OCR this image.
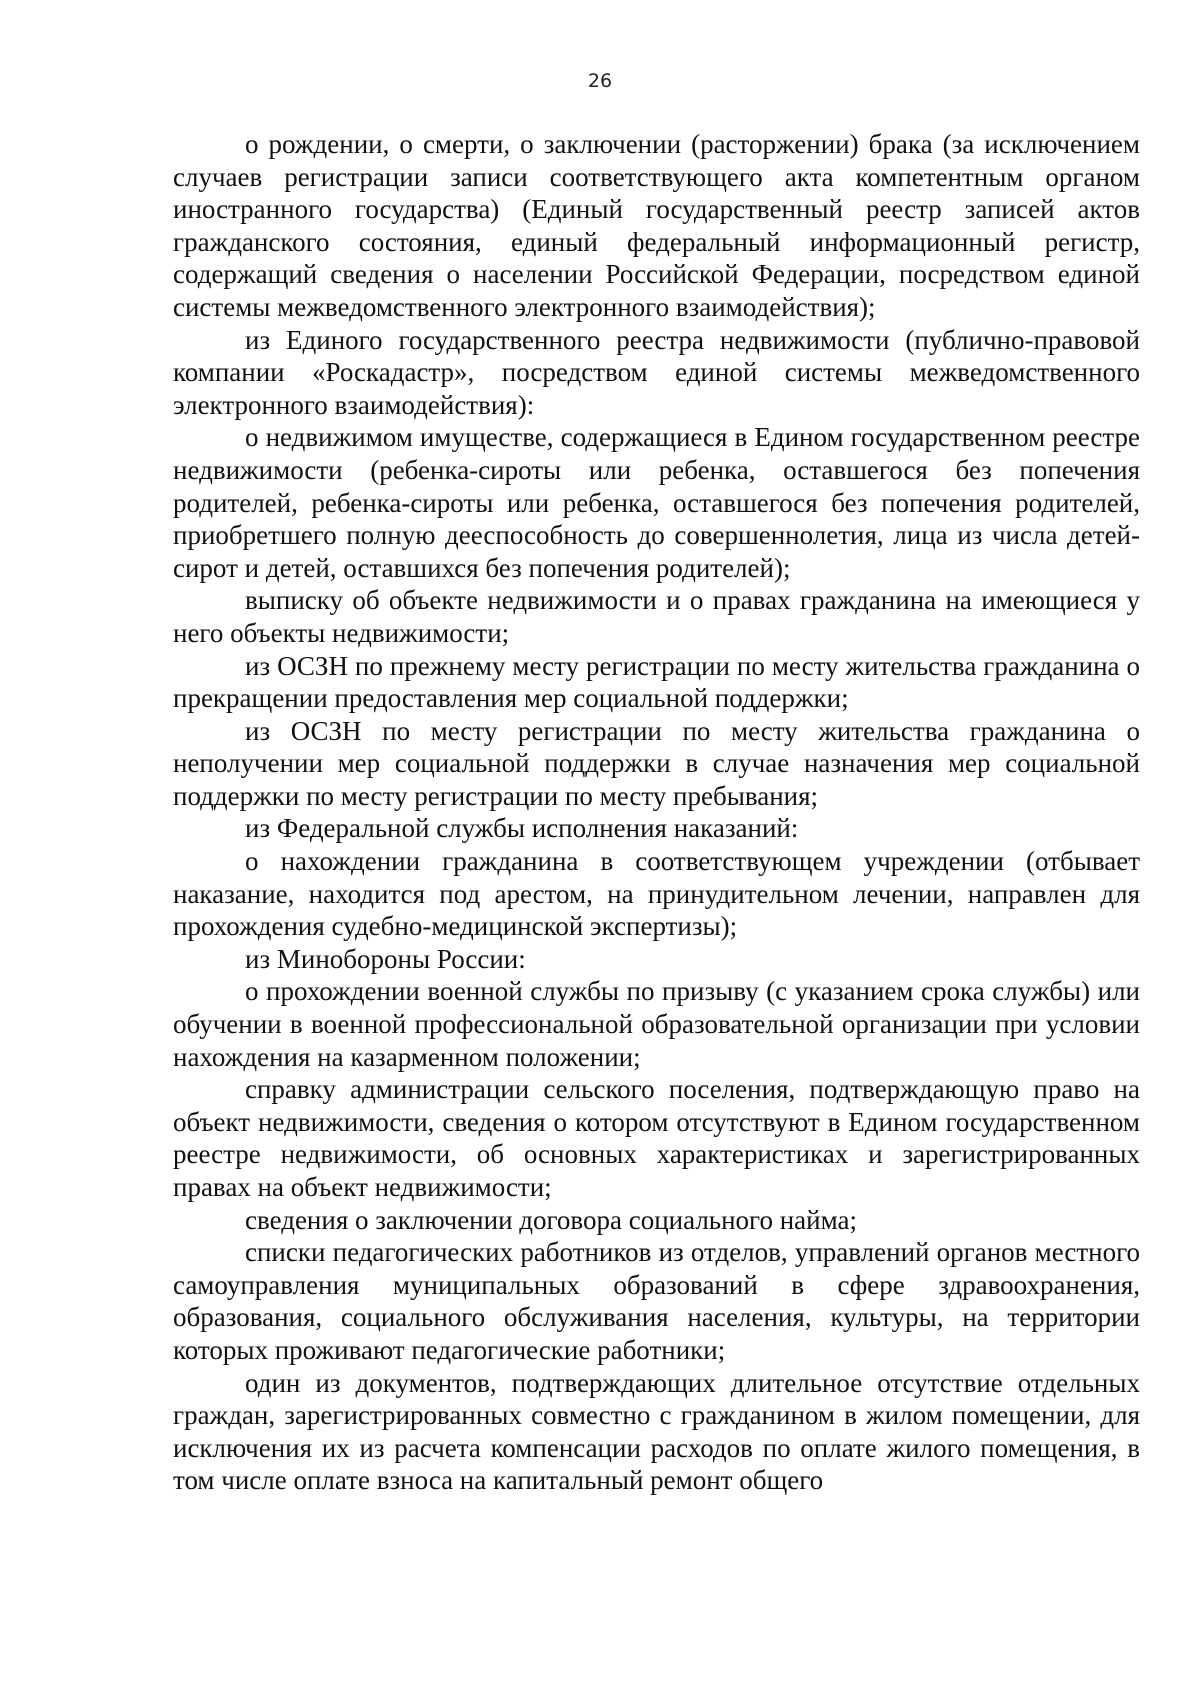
26

о рождении, о смерти, о заключении (расторжении) брака (за исключением случаев регистрации записи соответствующего акта компетентным органом иностранного государства) (Единый государственный реестр записей актов гражданского состояния, единый федеральный информационный регистр, содержащий сведения о населении Российской Федерации, посредством единой системы межведомственного электронного взаимодействия);

из Единого государственного реестра недвижимости (публично-правовой компании «Роскадастр», посредством единой системы межведомственного электронного взаимодействия):

о недвижимом имуществе, содержащиеся в Едином государственном реестре недвижимости (ребенка-сироты или ребенка, оставшегося без попечения родителей, ребенка-сироты или ребенка, оставшегося без попечения родителей, приобретшего полную дееспособность до совершеннолетия, лица из числа детей-сирот и детей, оставшихся без попечения родителей);

выписку об объекте недвижимости и о правах гражданина на имеющиеся у него объекты недвижимости;

из ОСЗН по прежнему месту регистрации по месту жительства гражданина о прекращении предоставления мер социальной поддержки;

из ОСЗН по месту регистрации по месту жительства гражданина о неполучении мер социальной поддержки в случае назначения мер социальной поддержки по месту регистрации по месту пребывания;

из Федеральной службы исполнения наказаний:

о нахождении гражданина в соответствующем учреждении (отбывает наказание, находится под арестом, на принудительном лечении, направлен для прохождения судебно-медицинской экспертизы);

из Минобороны России:

о прохождении военной службы по призыву (с указанием срока службы) или обучении в военной профессиональной образовательной организации при условии нахождения на казарменном положении;

справку администрации сельского поселения, подтверждающую право на объект недвижимости, сведения о котором отсутствуют в Едином государственном реестре недвижимости, об основных характеристиках и зарегистрированных правах на объект недвижимости;

сведения о заключении договора социального найма;

списки педагогических работников из отделов, управлений органов местного самоуправления муниципальных образований в сфере здравоохранения, образования, социального обслуживания населения, культуры, на территории которых проживают педагогические работники;

один из документов, подтверждающих длительное отсутствие отдельных граждан, зарегистрированных совместно с гражданином в жилом помещении, для исключения их из расчета компенсации расходов по оплате жилого помещения, в том числе оплате взноса на капитальный ремонт общего
